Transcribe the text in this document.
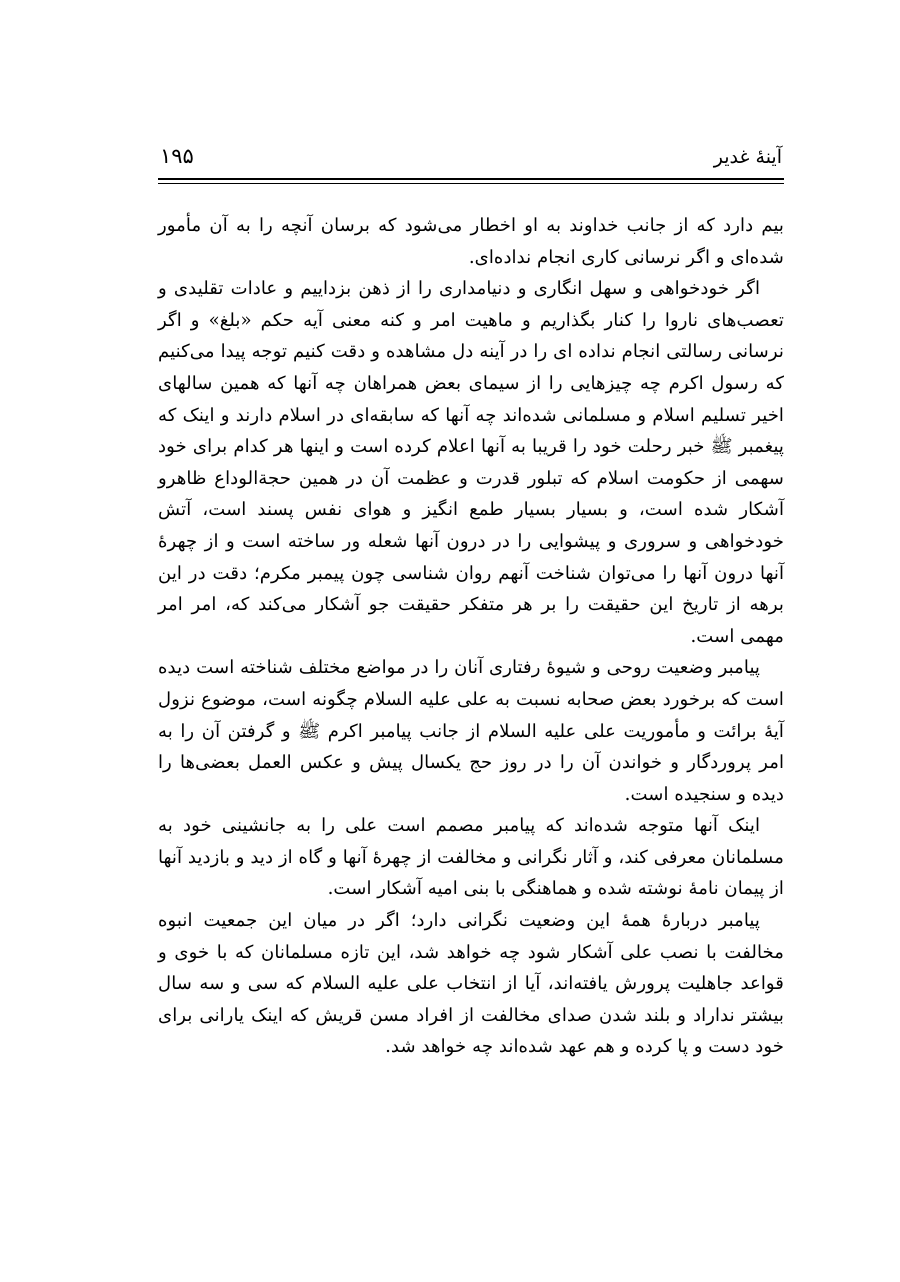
آینهٔ غدیر
۱۹۵

بیم دارد که از جانب خداوند به او اخطار می‌شود که برسان آنچه را به آن مأمور شده‌ای و اگر نرسانی کاری انجام نداده‌ای.

اگر خودخواهی و سهل انگاری و دنیامداری را از ذهن بزداییم و عادات تقلیدی و تعصب‌های ناروا را کنار بگذاریم و ماهیت امر و کنه معنی آیه حکم «بلغ» و اگر نرسانی رسالتی انجام نداده ای را در آینه دل مشاهده و دقت کنیم توجه پیدا می‌کنیم که رسول اکرم چه چیزهایی را از سیمای بعض همراهان چه آنها که همین سالهای اخیر تسلیم اسلام و مسلمانی شده‌اند چه آنها که سابقه‌ای در اسلام دارند و اینک که پیغمبر ﷺ خبر رحلت خود را قریبا به آنها اعلام کرده است و اینها هر کدام برای خود سهمی از حکومت اسلام که تبلور قدرت و عظمت آن در همین حجةالوداع ظاهرو آشکار شده است، و بسیار بسیار طمع انگیز و هوای نفس پسند است، آتش خودخواهی و سروری و پیشوایی را در درون آنها شعله ور ساخته است و از چهرهٔ آنها درون آنها را می‌توان شناخت آنهم روان شناسی چون پیمبر مکرم؛ دقت در این برهه از تاریخ این حقیقت را بر هر متفکر حقیقت جو آشکار می‌کند که، امر امر مهمی است.

پیامبر وضعیت روحی و شیوهٔ رفتاری آنان را در مواضع مختلف شناخته است دیده است که برخورد بعض صحابه نسبت به علی علیه السلام چگونه است، موضوع نزول آیهٔ برائت و مأموریت علی علیه السلام از جانب پیامبر اکرم ﷺ و گرفتن آن را به امر پروردگار و خواندن آن را در روز حج یکسال پیش و عکس العمل بعضی‌ها را دیده و سنجیده است.

اینک آنها متوجه شده‌اند که پیامبر مصمم است علی را به جانشینی خود به مسلمانان معرفی کند، و آثار نگرانی و مخالفت از چهرهٔ آنها و گاه از دید و بازدید آنها از پیمان نامهٔ نوشته شده و هماهنگی با بنی امیه آشکار است.

پیامبر دربارهٔ همهٔ این وضعیت نگرانی دارد؛ اگر در میان این جمعیت انبوه مخالفت با نصب علی آشکار شود چه خواهد شد، این تازه مسلمانان که با خوی و قواعد جاهلیت پرورش یافته‌اند، آیا از انتخاب علی علیه السلام که سی و سه سال بیشتر نداراد و بلند شدن صدای مخالفت از افراد مسن قریش که اینک یارانی برای خود دست و پا کرده و هم عهد شده‌اند چه خواهد شد.
